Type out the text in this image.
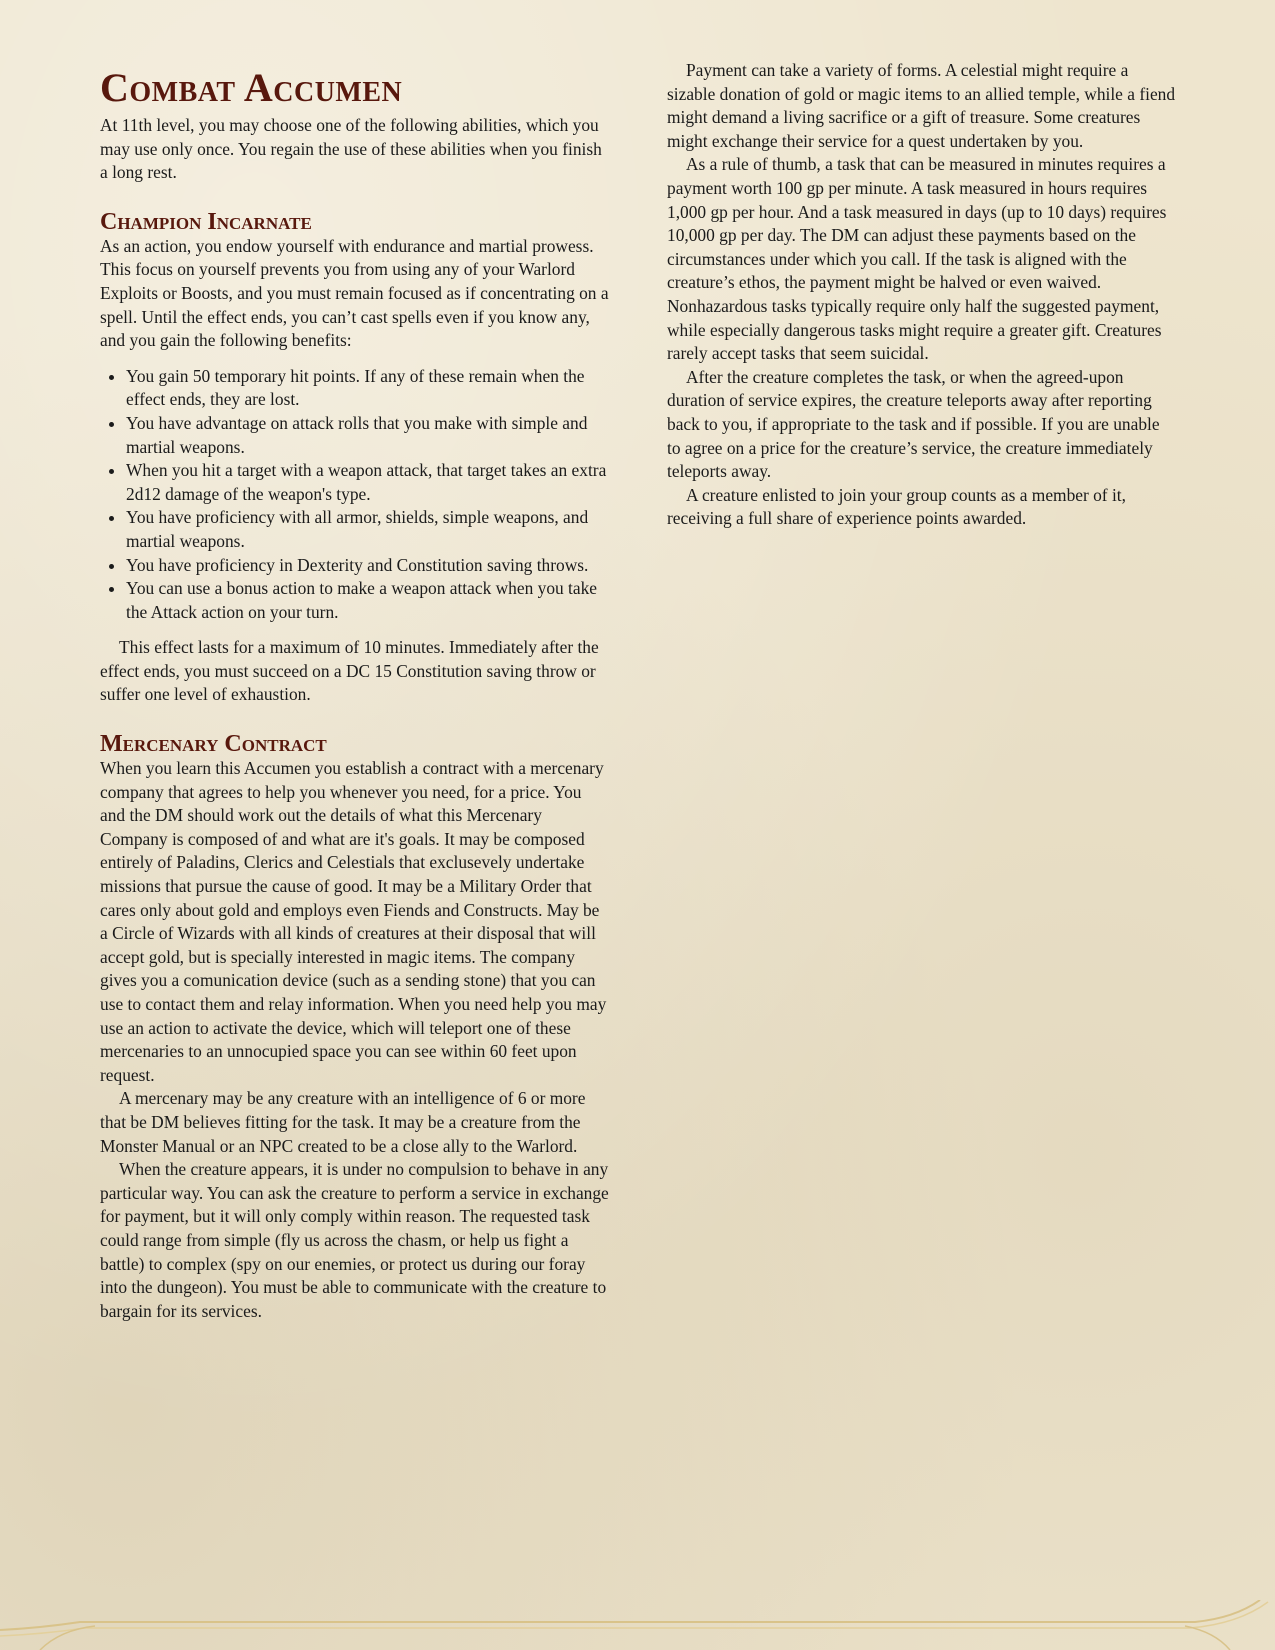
Combat Accumen

At 11th level, you may choose one of the following abilities, which you may use only once. You regain the use of these abilities when you finish a long rest.

Champion Incarnate

As an action, you endow yourself with endurance and martial prowess. This focus on yourself prevents you from using any of your Warlord Exploits or Boosts, and you must remain focused as if concentrating on a spell. Until the effect ends, you can’t cast spells even if you know any, and you gain the following benefits:

• You gain 50 temporary hit points. If any of these remain when the effect ends, they are lost.
• You have advantage on attack rolls that you make with simple and martial weapons.
• When you hit a target with a weapon attack, that target takes an extra 2d12 damage of the weapon's type.
• You have proficiency with all armor, shields, simple weapons, and martial weapons.
• You have proficiency in Dexterity and Constitution saving throws.
• You can use a bonus action to make a weapon attack when you take the Attack action on your turn.

This effect lasts for a maximum of 10 minutes. Immediately after the effect ends, you must succeed on a DC 15 Constitution saving throw or suffer one level of exhaustion.

Mercenary Contract

When you learn this Accumen you establish a contract with a mercenary company that agrees to help you whenever you need, for a price. You and the DM should work out the details of what this Mercenary Company is composed of and what are it's goals. It may be composed entirely of Paladins, Clerics and Celestials that exclusevely undertake missions that pursue the cause of good. It may be a Military Order that cares only about gold and employs even Fiends and Constructs. May be a Circle of Wizards with all kinds of creatures at their disposal that will accept gold, but is specially interested in magic items. The company gives you a comunication device (such as a sending stone) that you can use to contact them and relay information. When you need help you may use an action to activate the device, which will teleport one of these mercenaries to an unnocupied space you can see within 60 feet upon request.

A mercenary may be any creature with an intelligence of 6 or more that be DM believes fitting for the task. It may be a creature from the Monster Manual or an NPC created to be a close ally to the Warlord.

When the creature appears, it is under no compulsion to behave in any particular way. You can ask the creature to perform a service in exchange for payment, but it will only comply within reason. The requested task could range from simple (fly us across the chasm, or help us fight a battle) to complex (spy on our enemies, or protect us during our foray into the dungeon). You must be able to communicate with the creature to bargain for its services.

Payment can take a variety of forms. A celestial might require a sizable donation of gold or magic items to an allied temple, while a fiend might demand a living sacrifice or a gift of treasure. Some creatures might exchange their service for a quest undertaken by you.

As a rule of thumb, a task that can be measured in minutes requires a payment worth 100 gp per minute. A task measured in hours requires 1,000 gp per hour. And a task measured in days (up to 10 days) requires 10,000 gp per day. The DM can adjust these payments based on the circumstances under which you call. If the task is aligned with the creature’s ethos, the payment might be halved or even waived. Nonhazardous tasks typically require only half the suggested payment, while especially dangerous tasks might require a greater gift. Creatures rarely accept tasks that seem suicidal.

After the creature completes the task, or when the agreed-upon duration of service expires, the creature teleports away after reporting back to you, if appropriate to the task and if possible. If you are unable to agree on a price for the creature’s service, the creature immediately teleports away.

A creature enlisted to join your group counts as a member of it, receiving a full share of experience points awarded.
